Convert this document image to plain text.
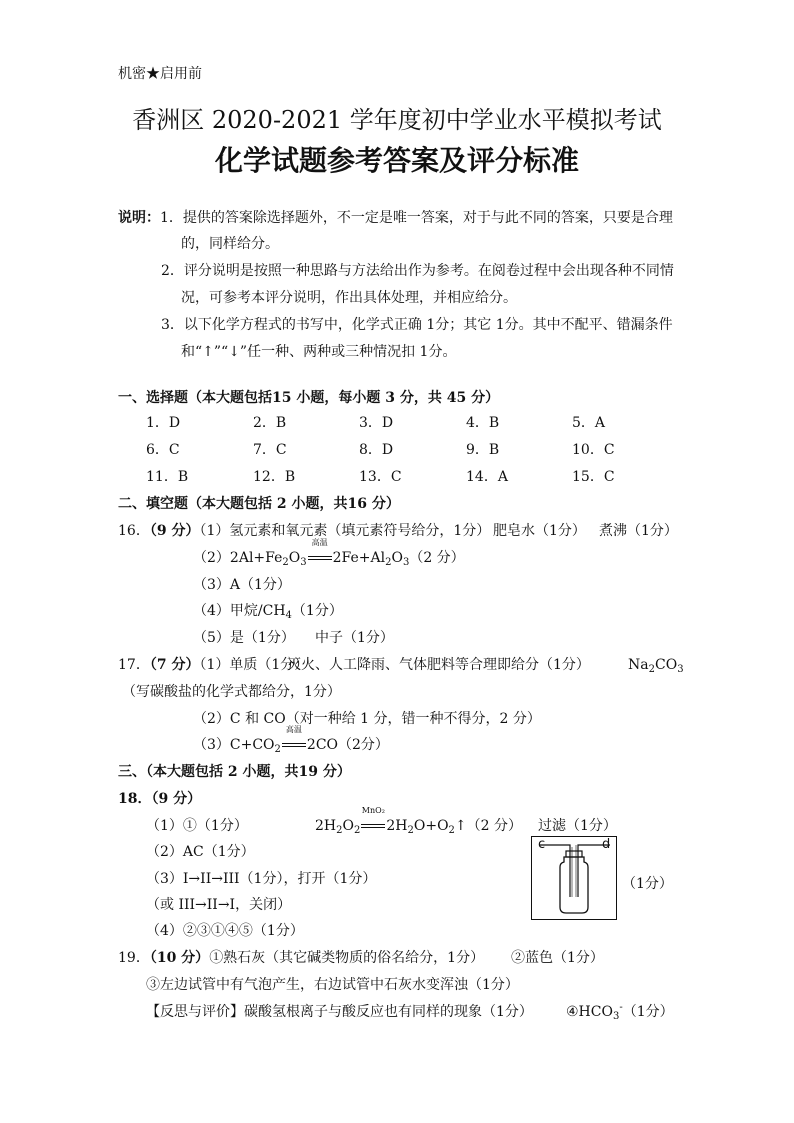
机密★启用前
香洲区 2020-2021 学年度初中学业水平模拟考试
化学试题参考答案及评分标准
说明：1．提供的答案除选择题外，不一定是唯一答案，对于与此不同的答案，只要是合理
的，同样给分。
2．评分说明是按照一种思路与方法给出作为参考。在阅卷过程中会出现各种不同情
况，可参考本评分说明，作出具体处理，并相应给分。
3．以下化学方程式的书写中，化学式正确 1分；其它 1分。其中不配平、错漏条件
和“↑”“↓”任一种、两种或三种情况扣 1分。
一、选择题（本大题包括15 小题，每小题 3 分，共 45 分）
1．D	2．B	3．D	4．B	5．A
6．C	7．C	8．D	9．B	10．C
11．B	12．B	13．C	14．A	15．C
二、填空题（本大题包括 2 小题，共16 分）
16．（9 分）（1）氢元素和氧元素（填元素符号给分，1分） 肥皂水（1分） 煮沸（1分）
$(2)2Al+Fe_2O_3$
高温
$2Fe+Al_2O_3(2$ 分）
（3）A（1分）
（4）甲烷$/CH_4(1$分）
（5）是（1分） 中子（1分）
17．（7 分）（1）单质（1分）
灭火、人工降雨、气体肥料等合理即给分（1分）	$Na_2CO_3$
（写碳酸盐的化学式都给分，1分）
（2）C 和 CO（对一种给 1 分，错一种不得分，2 分）
$(3)C+CO_2$
高温
2CO（2分）
三、（本大题包括 2 小题，共19 分）
18．（9 分）
（1）①（1分）	$2H_2O_2$
MnO₂
$2H_2O+O_2↑(2$ 分） 过滤（1分）
（2）AC（1分）
（3）I→II→III（1分），打开（1分）
（或 III→II→I，关闭）
（4）②③①④⑤（1分）
c	d
（1分）
19．（10 分）①熟石灰（其它碱类物质的俗名给分，1分） ②蓝色（1分）
③左边试管中有气泡产生，右边试管中石灰水变浑浊（1分）
【反思与评价】碳酸氢根离子与酸反应也有同样的现象（1分） $④HCO_3^-(1$分）
